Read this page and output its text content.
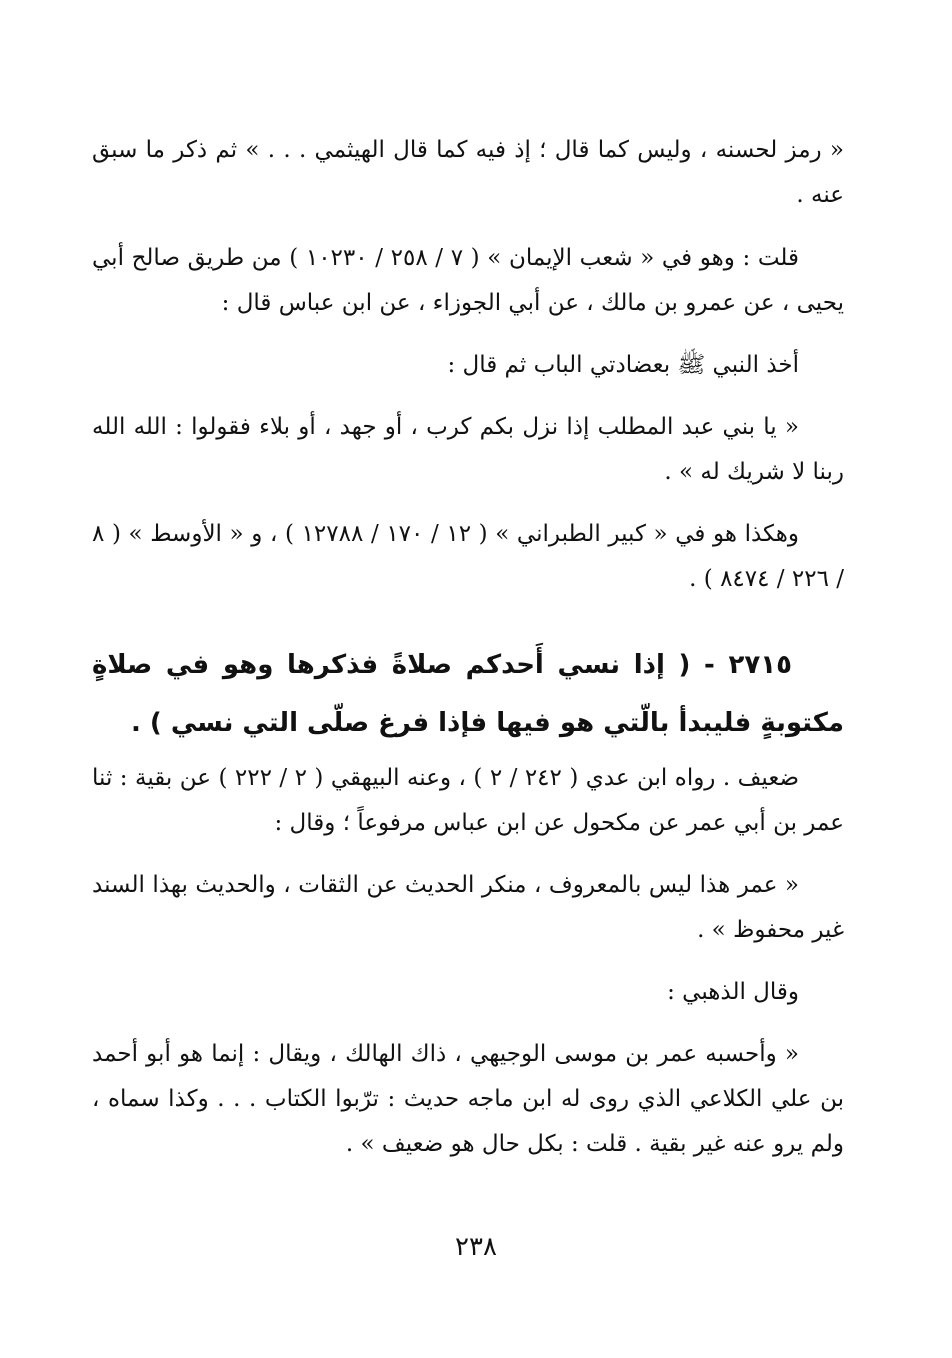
« رمز لحسنه ، وليس كما قال ؛ إذ فيه كما قال الهيثمي . . . » ثم ذكر ما سبق عنه .

قلت : وهو في « شعب الإيمان » ( ٧ / ٢٥٨ / ١٠٢٣٠ ) من طريق صالح أبي يحيى ، عن عمرو بن مالك ، عن أبي الجوزاء ، عن ابن عباس قال :

أخذ النبي ﷺ بعضادتي الباب ثم قال :

« يا بني عبد المطلب إذا نزل بكم كرب ، أو جهد ، أو بلاء فقولوا : الله الله ربنا لا شريك له » .

وهكذا هو في « كبير الطبراني » ( ١٢ / ١٧٠ / ١٢٧٨٨ ) ، و « الأوسط » ( ٨ / ٢٢٦ / ٨٤٧٤ ) .

٢٧١٥ - ( إذا نسي أَحدكم صلاةً فذكرها وهو في صلاةٍ مكتوبةٍ فليبدأ بالّتي هو فيها فإذا فرغ صلّى التي نسي ) .

ضعيف . رواه ابن عدي ( ٢٤٢ / ٢ ) ، وعنه البيهقي ( ٢ / ٢٢٢ ) عن بقية : ثنا عمر بن أبي عمر عن مكحول عن ابن عباس مرفوعاً ؛ وقال :

« عمر هذا ليس بالمعروف ، منكر الحديث عن الثقات ، والحديث بهذا السند غير محفوظ » .

وقال الذهبي :

« وأحسبه عمر بن موسى الوجيهي ، ذاك الهالك ، ويقال : إنما هو أبو أحمد بن علي الكلاعي الذي روى له ابن ماجه حديث : ترّبوا الكتاب . . . وكذا سماه ، ولم يرو عنه غير بقية . قلت : بكل حال هو ضعيف » .

٢٣٨
